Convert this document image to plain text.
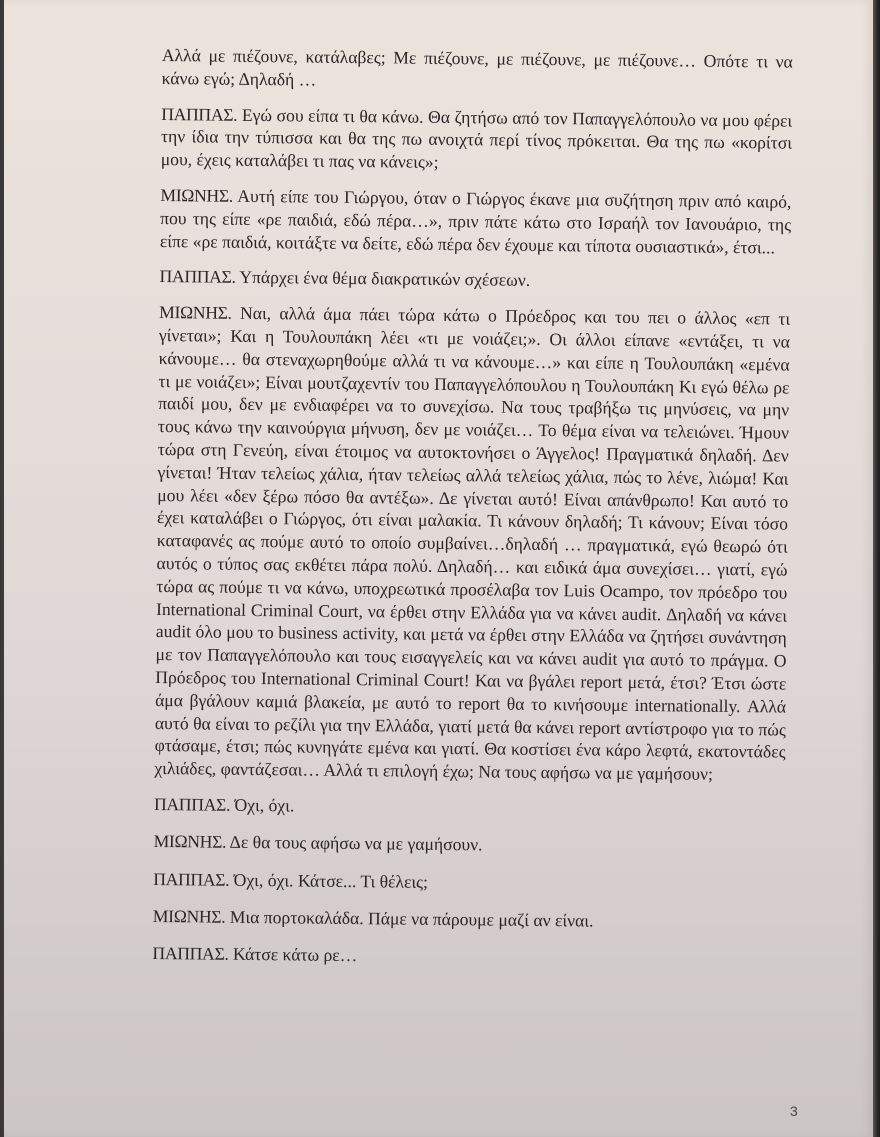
Αλλά με πιέζουνε, κατάλαβες; Με πιέζουνε, με πιέζουνε, με πιέζουνε… Οπότε τι να κάνω εγώ; Δηλαδή …

ΠΑΠΠΑΣ. Εγώ σου είπα τι θα κάνω. Θα ζητήσω από τον Παπαγγελόπουλο να μου φέρει την ίδια την τύπισσα και θα της πω ανοιχτά περί τίνος πρόκειται. Θα της πω «κορίτσι μου, έχεις καταλάβει τι πας να κάνεις»;

ΜΙΩΝΗΣ. Αυτή είπε του Γιώργου, όταν ο Γιώργος έκανε μια συζήτηση πριν από καιρό, που της είπε «ρε παιδιά, εδώ πέρα…», πριν πάτε κάτω στο Ισραήλ τον Ιανουάριο, της είπε «ρε παιδιά, κοιτάξτε να δείτε, εδώ πέρα δεν έχουμε και τίποτα ουσιαστικά», έτσι...

ΠΑΠΠΑΣ. Υπάρχει ένα θέμα διακρατικών σχέσεων.

ΜΙΩΝΗΣ. Ναι, αλλά άμα πάει τώρα κάτω ο Πρόεδρος και του πει ο άλλος «επ τι γίνεται»; Και η Τουλουπάκη λέει «τι με νοιάζει;». Οι άλλοι είπανε «εντάξει, τι να κάνουμε… θα στεναχωρηθούμε αλλά τι να κάνουμε…» και είπε η Τουλουπάκη «εμένα τι με νοιάζει»; Είναι μουτζαχεντίν του Παπαγγελόπουλου η Τουλουπάκη Κι εγώ θέλω ρε παιδί μου, δεν με ενδιαφέρει να το συνεχίσω. Να τους τραβήξω τις μηνύσεις, να μην τους κάνω την καινούργια μήνυση, δεν με νοιάζει… Το θέμα είναι να τελειώνει. Ήμουν τώρα στη Γενεύη, είναι έτοιμος να αυτοκτονήσει ο Άγγελος! Πραγματικά δηλαδή. Δεν γίνεται! Ήταν τελείως χάλια, ήταν τελείως αλλά τελείως χάλια, πώς το λένε, λιώμα! Και μου λέει «δεν ξέρω πόσο θα αντέξω». Δε γίνεται αυτό! Είναι απάνθρωπο! Και αυτό το έχει καταλάβει ο Γιώργος, ότι είναι μαλακία. Τι κάνουν δηλαδή; Τι κάνουν; Είναι τόσο καταφανές ας πούμε αυτό το οποίο συμβαίνει…δηλαδή … πραγματικά, εγώ θεωρώ ότι αυτός ο τύπος σας εκθέτει πάρα πολύ. Δηλαδή… και ειδικά άμα συνεχίσει… γιατί, εγώ τώρα ας πούμε τι να κάνω, υποχρεωτικά προσέλαβα τον Luis Ocampo, τον πρόεδρο του International Criminal Court, να έρθει στην Ελλάδα για να κάνει audit. Δηλαδή να κάνει audit όλο μου το business activity, και μετά να έρθει στην Ελλάδα να ζητήσει συνάντηση με τον Παπαγγελόπουλο και τους εισαγγελείς και να κάνει audit για αυτό το πράγμα. Ο Πρόεδρος του International Criminal Court! Και να βγάλει report μετά, έτσι? Έτσι ώστε άμα βγάλουν καμιά βλακεία, με αυτό το report θα το κινήσουμε internationally. Αλλά αυτό θα είναι το ρεζίλι για την Ελλάδα, γιατί μετά θα κάνει report αντίστροφο για το πώς φτάσαμε, έτσι; πώς κυνηγάτε εμένα και γιατί. Θα κοστίσει ένα κάρο λεφτά, εκατοντάδες χιλιάδες, φαντάζεσαι… Αλλά τι επιλογή έχω; Να τους αφήσω να με γαμήσουν;

ΠΑΠΠΑΣ. Όχι, όχι.

ΜΙΩΝΗΣ. Δε θα τους αφήσω να με γαμήσουν.

ΠΑΠΠΑΣ. Όχι, όχι. Κάτσε... Τι θέλεις;

ΜΙΩΝΗΣ. Μια πορτοκαλάδα. Πάμε να πάρουμε μαζί αν είναι.

ΠΑΠΠΑΣ. Κάτσε κάτω ρε…

3
